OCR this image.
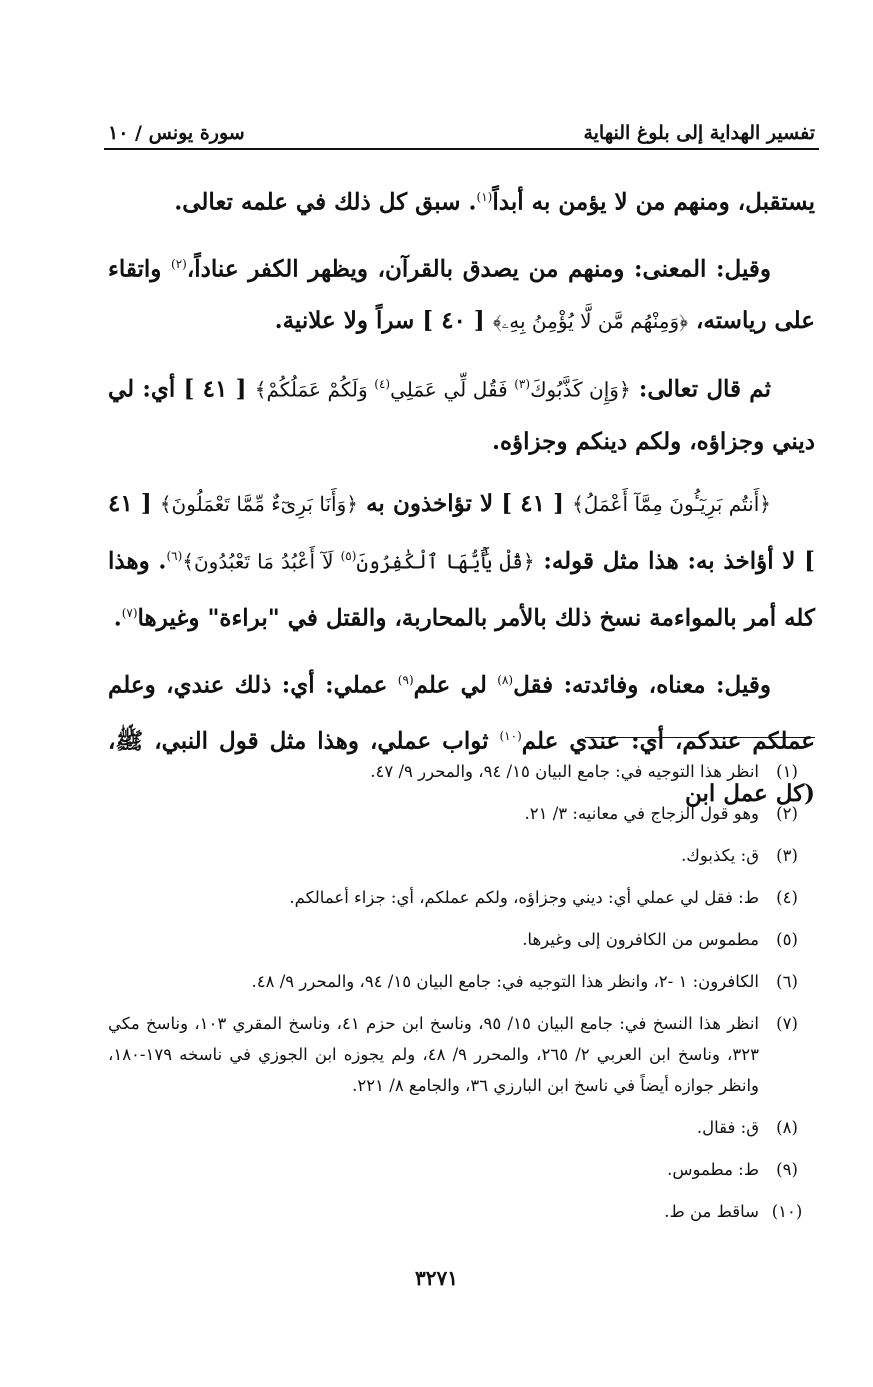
تفسير الهداية إلى بلوغ النهاية
سورة يونس / ١٠

يستقبل، ومنهم من لا يؤمن به أبداً$^{(١)}$. سبق كل ذلك في علمه تعالى.

وقيل: المعنى: ومنهم من يصدق بالقرآن، ويظهر الكفر عناداً،$^{(٢)}$ واتقاء على رياسته، ﴿وَمِنْهُم مَّن لَّا يُؤْمِنُ بِهِۦ﴾ [ ٤٠ ] سراً ولا علانية.

ثم قال تعالى: ﴿وَإِن كَذَّبُوكَ$^{(٣)}$ فَقُل لِّي عَمَلِي$^{(٤)}$ وَلَكُمْ عَمَلُكُمْ﴾ [ ٤١ ] أي: لي ديني وجزاؤه، ولكم دينكم وجزاؤه.

﴿أَنتُم بَرِيٓـُٔونَ مِمَّآ أَعْمَلُ﴾ [ ٤١ ] لا تؤاخذون به ﴿وَأَنَا بَرِىٓءٌ مِّمَّا تَعْمَلُونَ﴾ [ ٤١ ] لا أؤاخذ به: هذا مثل قوله: ﴿قُلْ يَٰٓأَيُّهَا ٱلْكَٰفِرُونَ$^{(٥)}$ لَآ أَعْبُدُ مَا تَعْبُدُونَ﴾$^{(٦)}$. وهذا كله أمر بالمواءمة نسخ ذلك بالأمر بالمحاربة، والقتل في "براءة" وغيرها$^{(٧)}$.

وقيل: معناه، وفائدته: فقل$^{(٨)}$ لي علم$^{(٩)}$ عملي: أي: ذلك عندي، وعلم عملكم عندكم، أي: عندي علم$^{(١٠)}$ ثواب عملي، وهذا مثل قول النبي، ﷺ، (كل عمل ابن

(١)
انظر هذا التوجيه في: جامع البيان ١٥/ ٩٤، والمحرر ٩/ ٤٧.
(٢)
وهو قول الزجاج في معانيه: ٣/ ٢١.
(٣)
ق: يكذبوك.
(٤)
ط: فقل لي عملي أي: ديني وجزاؤه، ولكم عملكم، أي: جزاء أعمالكم.
(٥)
مطموس من الكافرون إلى وغيرها.
(٦)
الكافرون: ١ -٢، وانظر هذا التوجيه في: جامع البيان ١٥/ ٩٤، والمحرر ٩/ ٤٨.
(٧)
انظر هذا النسخ في: جامع البيان ١٥/ ٩٥، وناسخ ابن حزم ٤١، وناسخ المقري ١٠٣، وناسخ مكي ٣٢٣، وناسخ ابن العربي ٢/ ٢٦٥، والمحرر ٩/ ٤٨، ولم يجوزه ابن الجوزي في ناسخه ١٧٩-١٨٠، وانظر جوازه أيضاً في ناسخ ابن البارزي ٣٦، والجامع ٨/ ٢٢١.
(٨)
ق: فقال.
(٩)
ط: مطموس.
(١٠)
ساقط من ط.
٣٢٧١
